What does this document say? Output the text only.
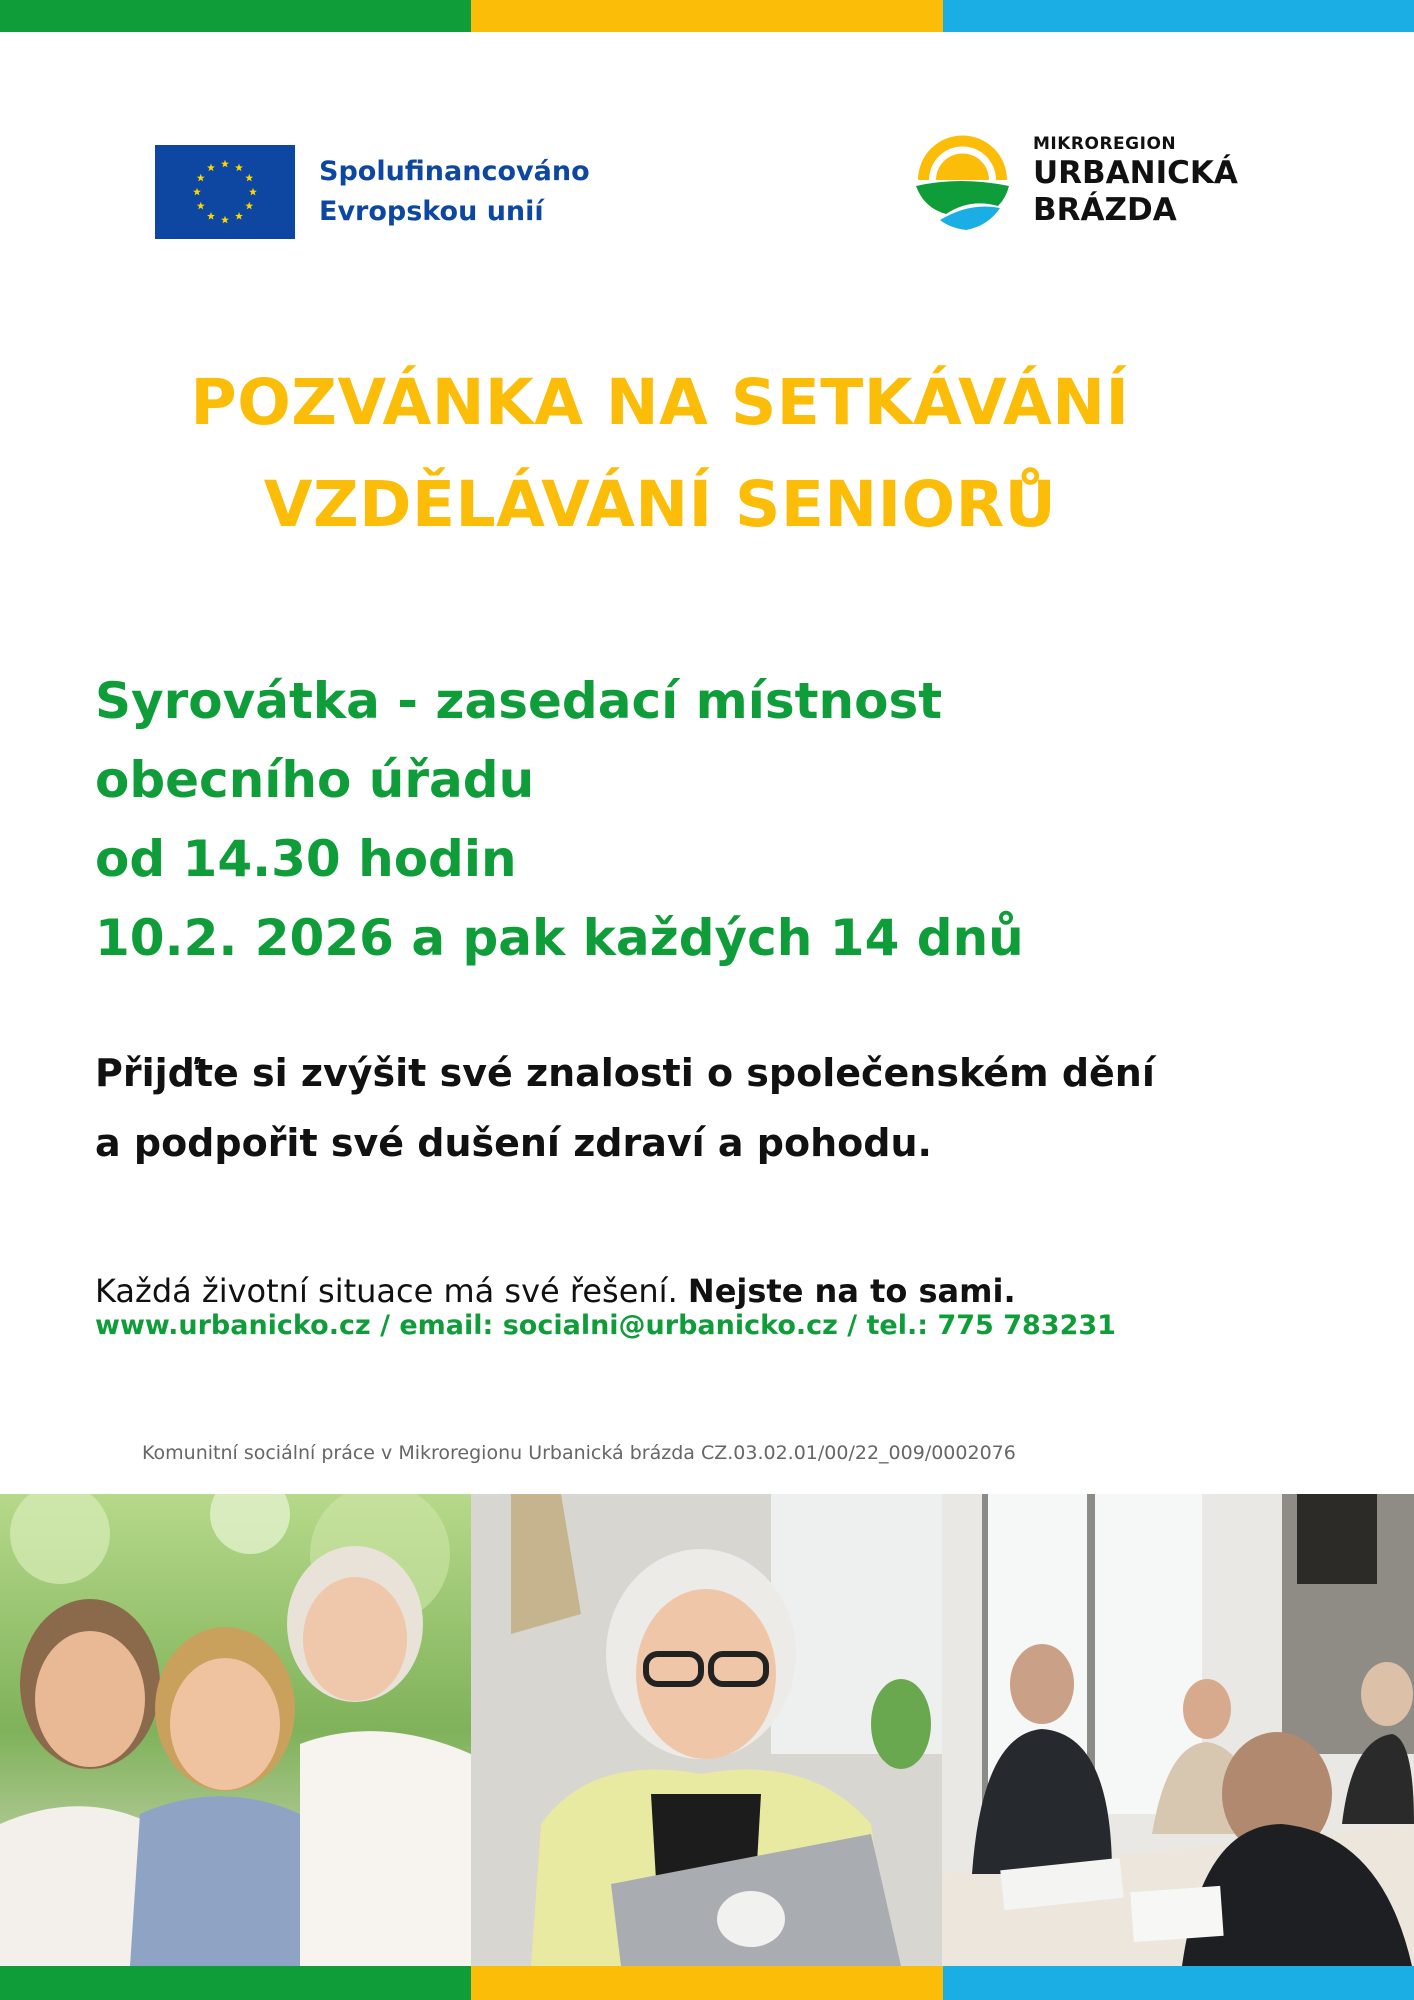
Spolufinancováno
Evropskou unií
MIKROREGION
URBANICKÁ
BRÁZDA
POZVÁNKA NA SETKÁVÁNÍ
VZDĚLÁVÁNÍ SENIORŮ
Syrovátka - zasedací místnost
obecního úřadu
od 14.30 hodin
10.2. 2026 a pak každých 14 dnů
Přijďte si zvýšit své znalosti o společenském dění
a podpořit své dušení zdraví a pohodu.
Každá životní situace má své řešení. Nejste na to sami.
www.urbanicko.cz / email: socialni@urbanicko.cz / tel.: 775 783231
Komunitní sociální práce v Mikroregionu Urbanická brázda CZ.03.02.01/00/22_009/0002076
